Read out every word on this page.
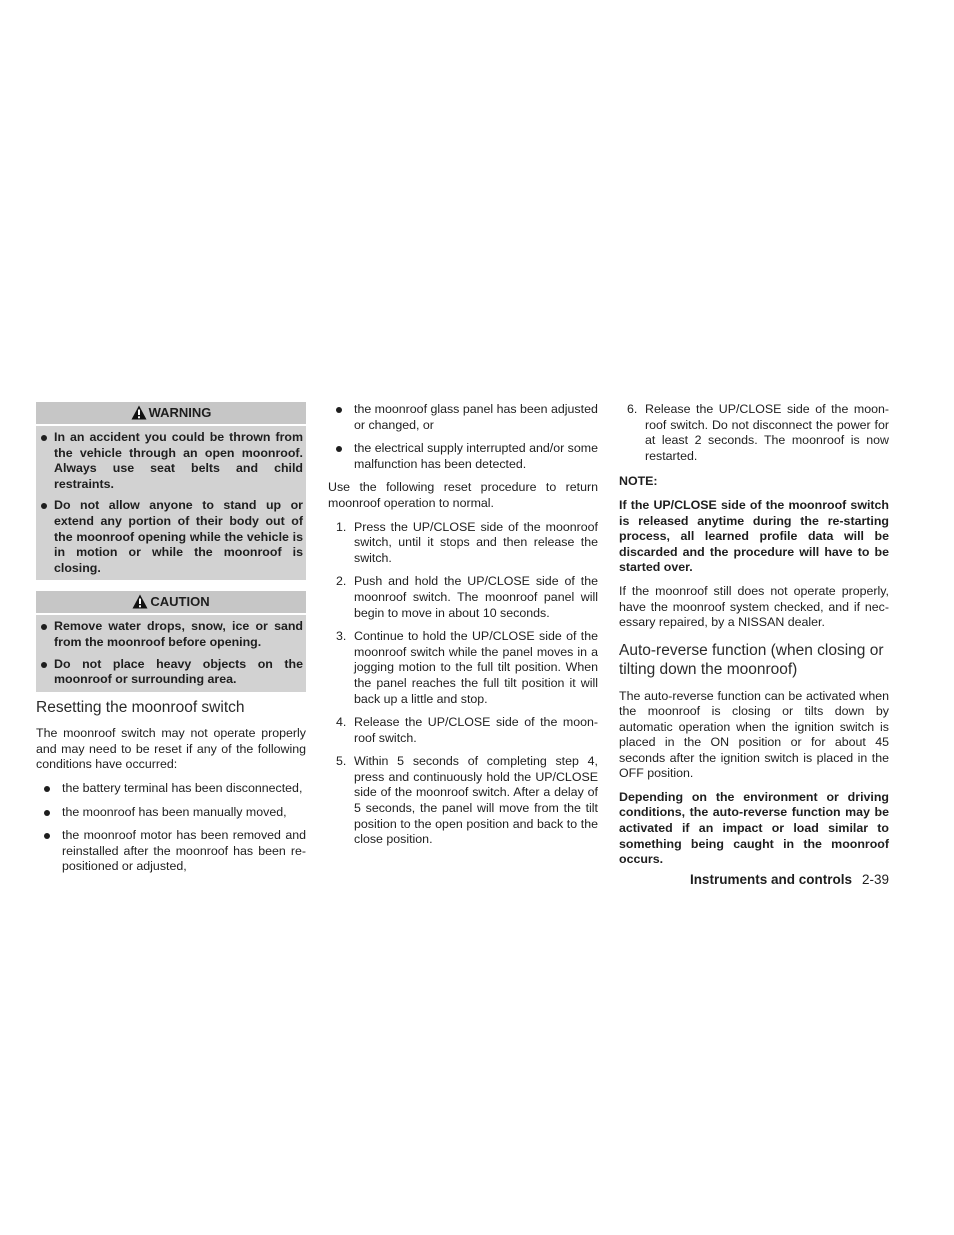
WARNING
In an accident you could be thrown from the vehicle through an open moonroof. Always use seat belts and child restraints.
Do not allow anyone to stand up or extend any portion of their body out of the moonroof opening while the vehicle is in motion or while the moonroof is closing.
CAUTION
Remove water drops, snow, ice or sand from the moonroof before opening.
Do not place heavy objects on the moonroof or surrounding area.
Resetting the moonroof switch

The moonroof switch may not operate properly and may need to be reset if any of the following conditions have occurred:

the battery terminal has been disconnected,
the moonroof has been manually moved,
the moonroof motor has been removed and reinstalled after the moonroof has been re-positioned or adjusted,
the moonroof glass panel has been adjusted or changed, or
the electrical supply interrupted and/or some malfunction has been detected.

Use the following reset procedure to return moonroof operation to normal.

1. Press the UP/CLOSE side of the moonroof switch, until it stops and then release the switch.
2. Push and hold the UP/CLOSE side of the moonroof switch. The moonroof panel will begin to move in about 10 seconds.
3. Continue to hold the UP/CLOSE side of the moonroof switch while the panel moves in a jogging motion to the full tilt position. When the panel reaches the full tilt position it will back up a little and stop.
4. Release the UP/CLOSE side of the moon-roof switch.
5. Within 5 seconds of completing step 4, press and continuously hold the UP/CLOSE side of the moonroof switch. After a delay of 5 seconds, the panel will move from the tilt position to the open position and back to the close position.
6. Release the UP/CLOSE side of the moon-roof switch. Do not disconnect the power for at least 2 seconds. The moonroof is now restarted.

NOTE:

If the UP/CLOSE side of the moonroof switch is released anytime during the re-starting process, all learned profile data will be discarded and the procedure will have to be started over.

If the moonroof still does not operate properly, have the moonroof system checked, and if nec-essary repaired, by a NISSAN dealer.

Auto-reverse function (when closing or tilting down the moonroof)

The auto-reverse function can be activated when the moonroof is closing or tilts down by automatic operation when the ignition switch is placed in the ON position or for about 45 seconds after the ignition switch is placed in the OFF position.

Depending on the environment or driving conditions, the auto-reverse function may be activated if an impact or load similar to something being caught in the moonroof occurs.

Instruments and controls 2-39
